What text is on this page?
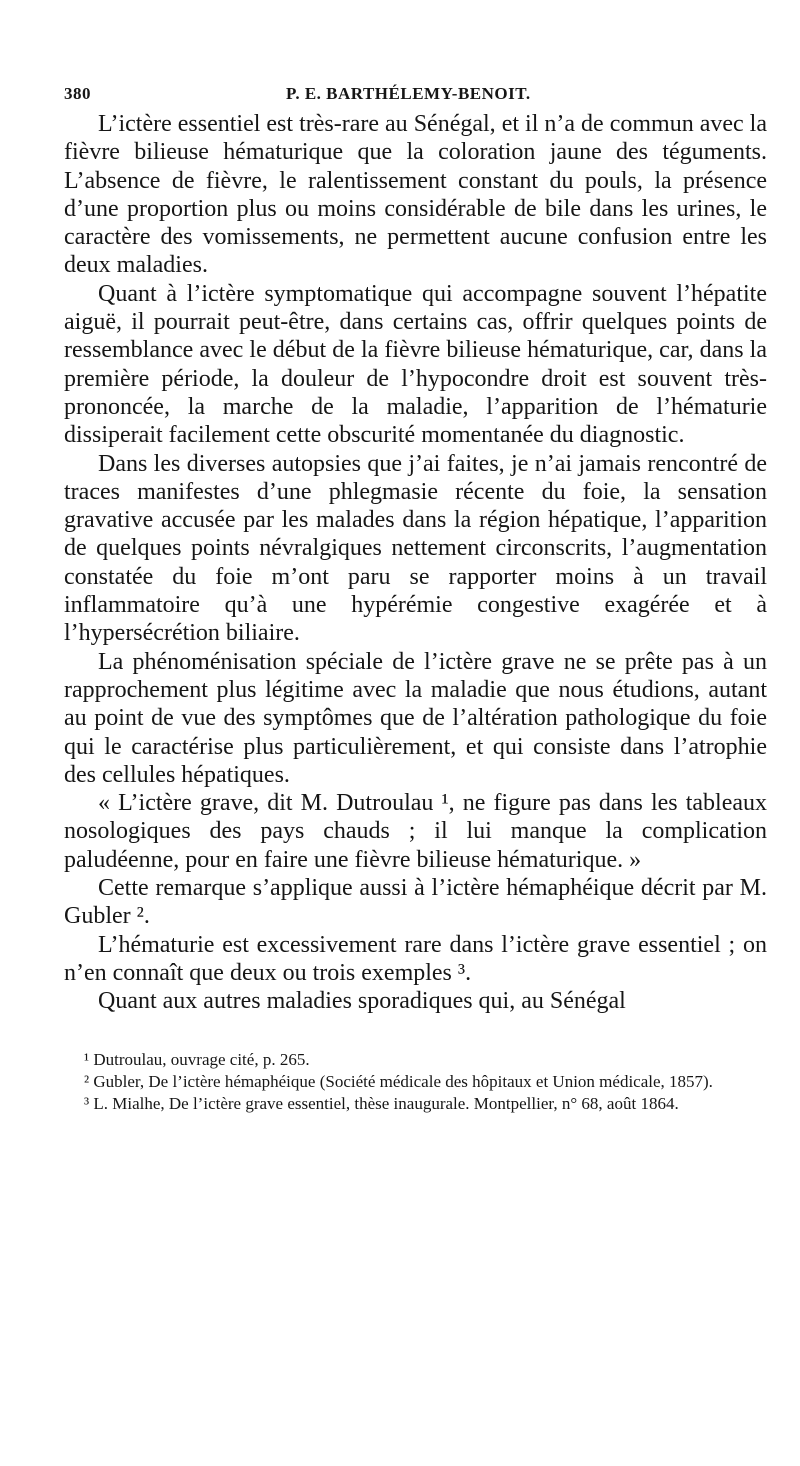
380	P. E. BARTHÉLEMY-BENOIT.

L’ictère essentiel est très-rare au Sénégal, et il n’a de commun avec la fièvre bilieuse hématurique que la coloration jaune des téguments. L’absence de fièvre, le ralentissement constant du pouls, la présence d’une proportion plus ou moins considérable de bile dans les urines, le caractère des vomissements, ne permettent aucune confusion entre les deux maladies.

Quant à l’ictère symptomatique qui accompagne souvent l’hépatite aiguë, il pourrait peut-être, dans certains cas, offrir quelques points de ressemblance avec le début de la fièvre bilieuse hématurique, car, dans la première période, la douleur de l’hypocondre droit est souvent très-prononcée, la marche de la maladie, l’apparition de l’hématurie dissiperait facilement cette obscurité momentanée du diagnostic.

Dans les diverses autopsies que j’ai faites, je n’ai jamais rencontré de traces manifestes d’une phlegmasie récente du foie, la sensation gravative accusée par les malades dans la région hépatique, l’apparition de quelques points névralgiques nettement circonscrits, l’augmentation constatée du foie m’ont paru se rapporter moins à un travail inflammatoire qu’à une hypérémie congestive exagérée et à l’hypersécrétion biliaire.

La phénoménisation spéciale de l’ictère grave ne se prête pas à un rapprochement plus légitime avec la maladie que nous étudions, autant au point de vue des symptômes que de l’altération pathologique du foie qui le caractérise plus particulièrement, et qui consiste dans l’atrophie des cellules hépatiques.

« L’ictère grave, dit M. Dutroulau ¹, ne figure pas dans les tableaux nosologiques des pays chauds ; il lui manque la complication paludéenne, pour en faire une fièvre bilieuse hématurique. »

Cette remarque s’applique aussi à l’ictère hémaphéique décrit par M. Gubler ².

L’hématurie est excessivement rare dans l’ictère grave essentiel ; on n’en connaît que deux ou trois exemples ³.

Quant aux autres maladies sporadiques qui, au Sénégal

¹ Dutroulau, ouvrage cité, p. 265.

² Gubler, De l’ictère hémaphéique (Société médicale des hôpitaux et Union médicale, 1857).

³ L. Mialhe, De l’ictère grave essentiel, thèse inaugurale. Montpellier, n° 68, août 1864.
